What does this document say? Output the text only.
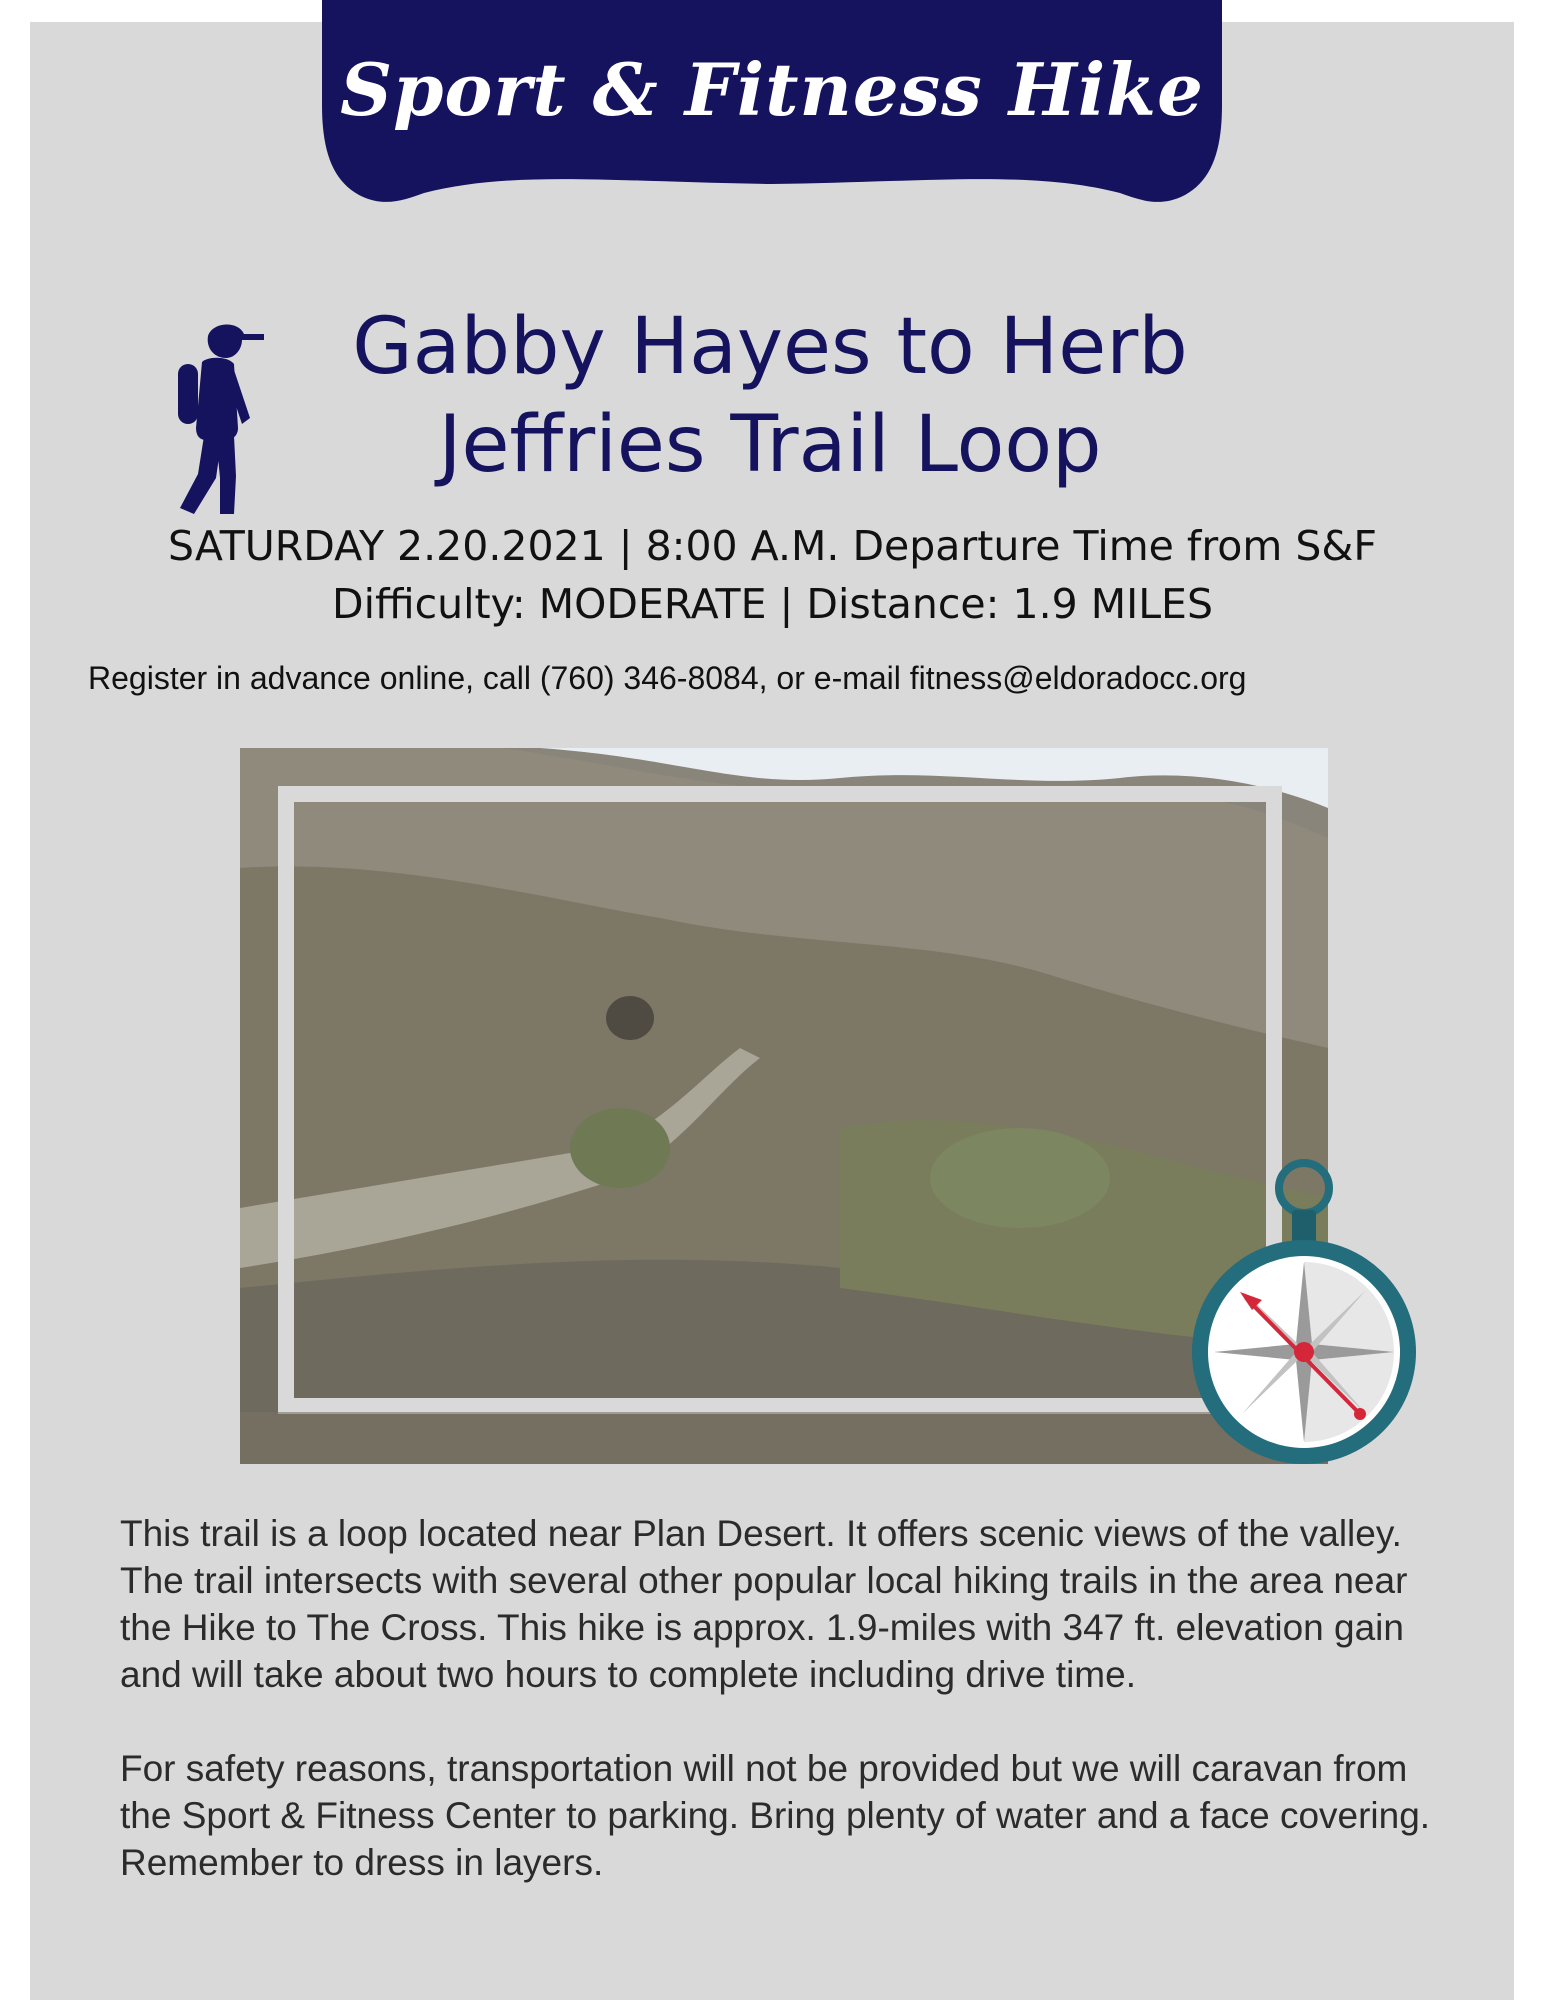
Sport & Fitness Hike
Gabby Hayes to Herb
Jeffries Trail Loop
SATURDAY 2.20.2021 | 8:00 A.M. Departure Time from S&F
Difficulty: MODERATE | Distance: 1.9 MILES
Register in advance online, call (760) 346-8084, or e-mail fitness@eldoradocc.org

This trail is a loop located near Plan Desert. It offers scenic views of the valley. The trail intersects with several other popular local hiking trails in the area near the Hike to The Cross. This hike is approx. 1.9-miles with 347 ft. elevation gain and will take about two hours to complete including drive time.

For safety reasons, transportation will not be provided but we will caravan from the Sport & Fitness Center to parking. Bring plenty of water and a face covering. Remember to dress in layers.
